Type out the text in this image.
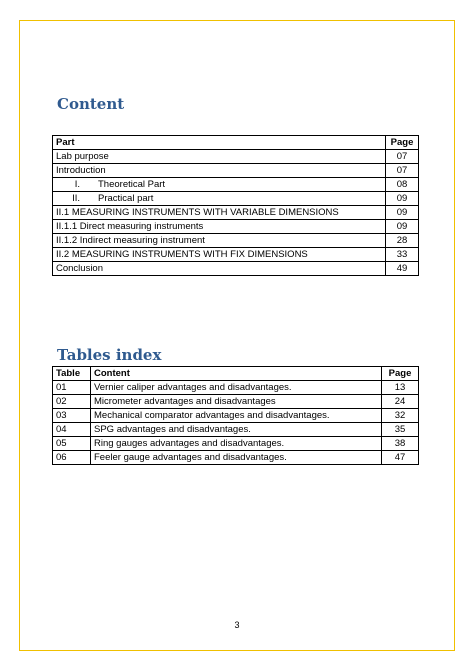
Content
Part	Page
Lab purpose	07
Introduction	07
I. Theoretical Part	08
II. Practical part	09
II.1 MEASURING INSTRUMENTS WITH VARIABLE DIMENSIONS	09
II.1.1 Direct measuring instruments	09
II.1.2 Indirect measuring instrument	28
II.2 MEASURING INSTRUMENTS WITH FIX DIMENSIONS	33
Conclusion	49
Tables index
Table	Content	Page
01	Vernier caliper advantages and disadvantages.	13
02	Micrometer advantages and disadvantages	24
03	Mechanical comparator advantages and disadvantages.	32
04	SPG advantages and disadvantages.	35
05	Ring gauges advantages and disadvantages.	38
06	Feeler gauge advantages and disadvantages.	47
3
